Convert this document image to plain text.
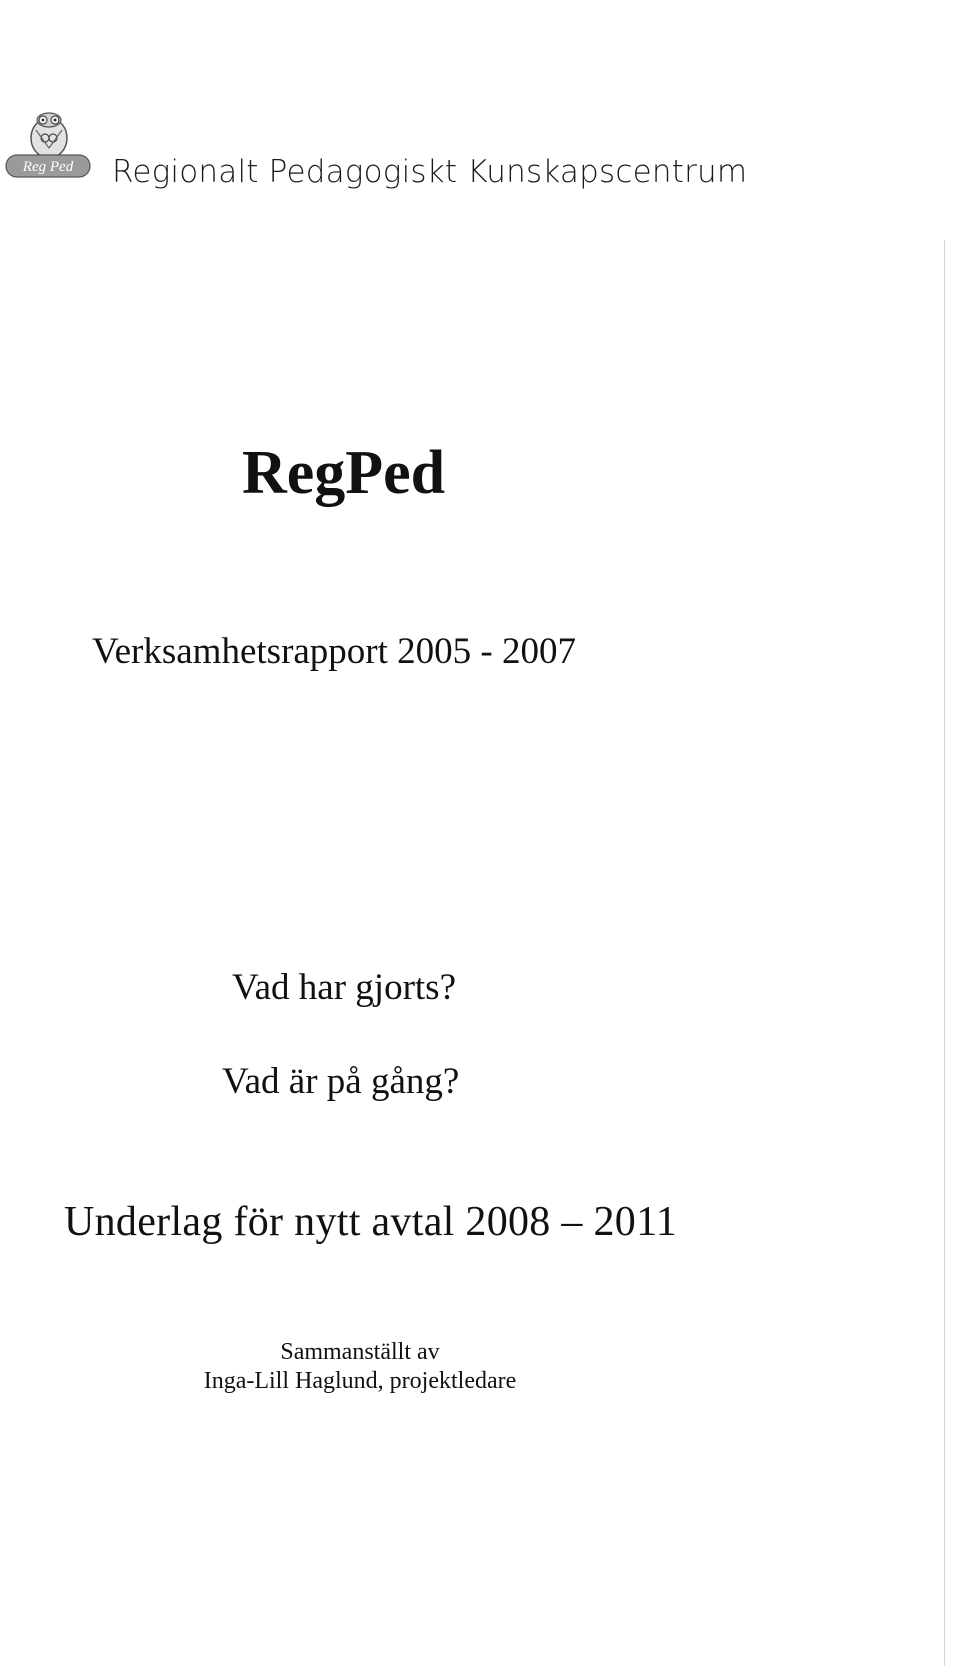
Reg Ped Regionalt Pedagogiskt Kunskapscentrum
RegPed
Verksamhetsrapport 2005 - 2007
Vad har gjorts?
Vad är på gång?
Underlag för nytt avtal 2008 – 2011
Sammanställt av
Inga-Lill Haglund, projektledare
